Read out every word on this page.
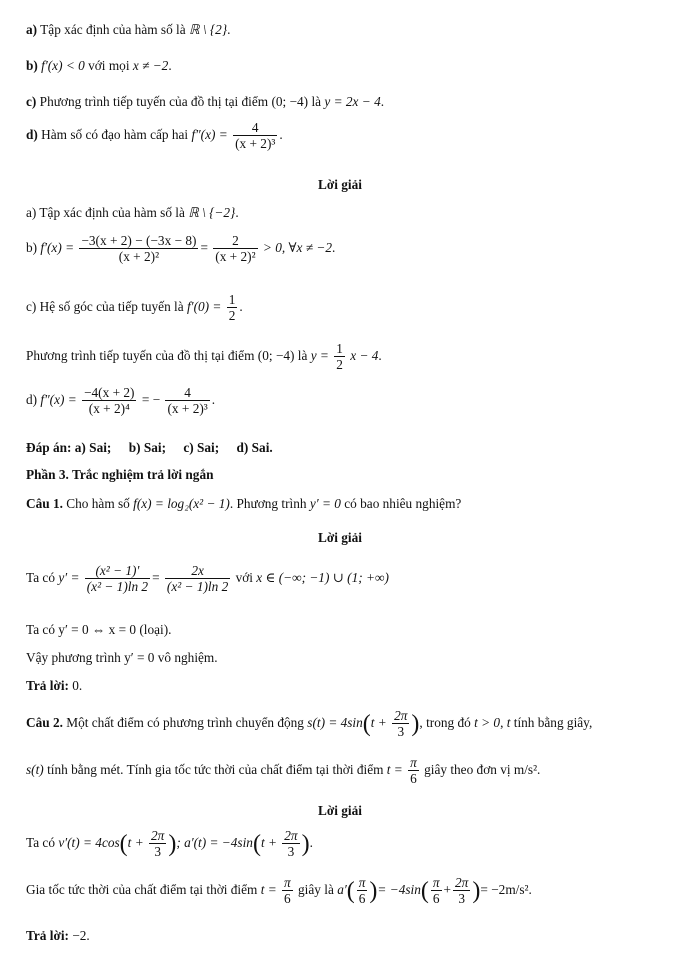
a) Tập xác định của hàm số là ℝ \ {2}.
b) f′(x) < 0 với mọi x ≠ −2.
c) Phương trình tiếp tuyến của đồ thị tại điểm (0; −4) là y = 2x − 4.
d) Hàm số có đạo hàm cấp hai $f''(x) = \frac{4}{\text{(x + 2)³}}$ .
Lời giải
a) Tập xác định của hàm số là ℝ \ {−2}.
b) $f'(x) = \frac{-3(x + 2) - (-3x - 8)}{\text{(x + 2)²}} = \frac{2}{\text{(x + 2)²}} > 0$, ∀x ≠ −2.
c) Hệ số góc của tiếp tuyến là $f'(0) = \frac{1}{2}$ .
Phương trình tiếp tuyến của đồ thị tại điểm (0; −4) là $y = \frac{1}{2}$ x − 4.
d) $f''(x) = \frac{-4(x + 2)}{\text{(x + 2)⁴}}$ = − $\frac{4}{\text{(x + 2)³}}$ .
Đáp án: a) Sai; b) Sai; c) Sai; d) Sai.
Phần 3. Trắc nghiệm trả lời ngắn
Câu 1. Cho hàm số f(x) = log₂(x² − 1). Phương trình y′ = 0 có bao nhiêu nghiệm?
Lời giải
Ta có $y' = \frac{\text{(x² − 1)′}}{\text{(x² − 1)ln 2}} = \frac{2x}{\text{(x² − 1)ln 2}}$ với x ∈ (−∞; −1) ∪ (1; +∞)
Ta có y′ = 0 ⇔ x = 0 (loại).
Vậy phương trình y′ = 0 vô nghiệm.
Trả lời: 0.
Câu 2. Một chất điểm có phương trình chuyển động $s(t) = 4\sin(t + \frac{2\pi}{3}$ ), trong đó t > 0, t tính bằng giây,
s(t) tính bằng mét. Tính gia tốc tức thời của chất điểm tại thời điểm $t = \frac{\pi}{6}$ giây theo đơn vị m/s².
Lời giải
Ta có $v'(t) = 4\cos(t + \frac{2\pi}{3}$ ); $a'(t) = -4\sin(t + \frac{2\pi}{3}$ ).
Gia tốc tức thời của chất điểm tại thời điểm $t = \frac{\pi}{6}$ giây là $a'( \frac{\pi}{6}$ )= $-4\sin( \frac{\pi}{6} + \frac{2\pi}{3}$ )= −2m/s².
Trả lời: −2.
